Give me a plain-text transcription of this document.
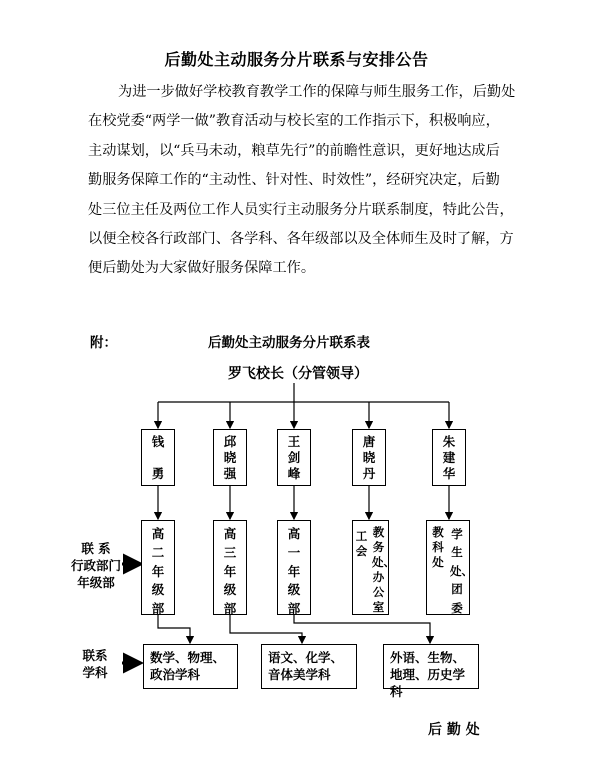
后勤处主动服务分片联系与安排公告
为进一步做好学校教育教学工作的保障与师生服务工作，后勤处
在校党委“两学一做”教育活动与校长室的工作指示下，积极响应，
主动谋划，以“兵马未动，粮草先行”的前瞻性意识，更好地达成后
勤服务保障工作的“主动性、针对性、时效性”，经研究决定，后勤
处三位主任及两位工作人员实行主动服务分片联系制度，特此公告，
以便全校各行政部门、各学科、各年级部以及全体师生及时了解，方
便后勤处为大家做好服务保障工作。
附：	后勤处主动服务分片联系表
罗飞校长（分管领导）
钱
勇
邱
晓
强
王
剑
峰
唐
晓
丹
朱
建
华
高二年级部
高三年级部
高一年级部
工会
教务处、办公室
教科处
学生处、团委
联 系
行政部门
年级部
联系
学科
数学、物理、政治学科
语文、化学、音体美学科
外语、生物、地理、历史学科
后 勤 处
